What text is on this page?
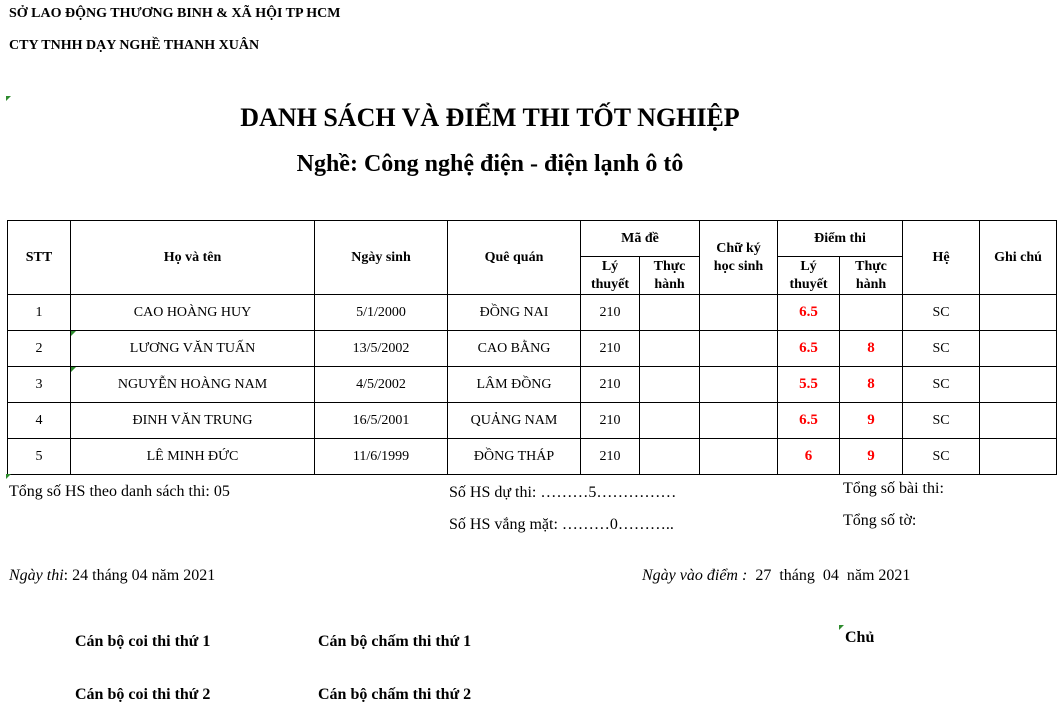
SỞ LAO ĐỘNG THƯƠNG BINH & XÃ HỘI TP HCM
CTY TNHH DẠY NGHỀ THANH XUÂN
DANH SÁCH VÀ ĐIỂM THI TỐT NGHIỆP
Nghề: Công nghệ điện - điện lạnh ô tô
STT	Họ và tên	Ngày sinh	Quê quán	Mã đề		Chữ ký học sinh	Điểm thi		Hệ	Ghi chú
				Lý thuyết	Thực hành		Lý thuyết	Thực hành		
1	CAO HOÀNG HUY	5/1/2000	ĐỒNG NAI	210			6.5		SC	
2	LƯƠNG VĂN TUẤN	13/5/2002	CAO BẰNG	210			6.5	8	SC	
3	NGUYỄN HOÀNG NAM	4/5/2002	LÂM ĐỒNG	210			5.5	8	SC	
4	ĐINH VĂN TRUNG	16/5/2001	QUẢNG NAM	210			6.5	9	SC	
5	LÊ MINH ĐỨC	11/6/1999	ĐỒNG THÁP	210			6	9	SC	
Tổng số HS theo danh sách thi: 05	Số HS dự thi: ………5……………
Số HS vắng mặt: ………0………..
Tổng số bài thi:
Tổng số tờ:
Ngày thi: 24 tháng 04 năm 2021	Ngày vào điểm :  27  tháng  04  năm 2021
Cán bộ coi thi thứ 1	Cán bộ chấm thi thứ 1	Chủ
Cán bộ coi thi thứ 2	Cán bộ chấm thi thứ 2
